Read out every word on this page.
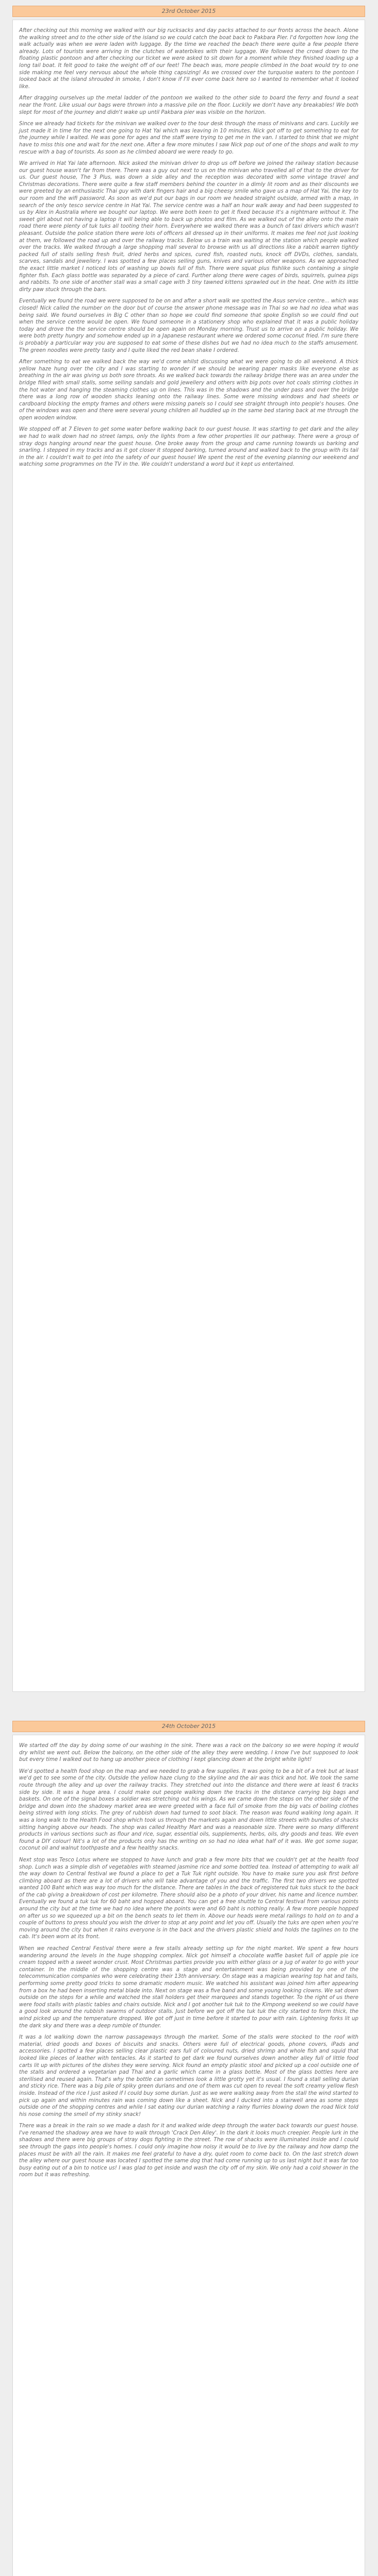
23rd October 2015

After checking out this morning we walked with our big rucksacks and day packs attached to our fronts across the beach. Alone the walking street and to the other side of the island so we could catch the boat back to Pakbara Pier. I'd forgotten how long the walk actually was when we were laden with luggage. By the time we reached the beach there were quite a few people there already. Lots of tourists were arriving in the clutches of waterbikes with their luggage. We followed the crowd down to the floating plastic pontoon and after checking our ticket we were asked to sit down for a moment while they finished loading up a long tail boat. It felt good to take the weight off of our feet! The beach was, more people climbed in the boat would try to one side making me feel very nervous about the whole thing capsizing! As we crossed over the turquoise waters to the pontoon I looked back at the island shrouded in smoke, I don't know if I'll ever come back here so I wanted to remember what it looked like.

After dragging ourselves up the metal ladder of the pontoon we walked to the other side to board the ferry and found a seat near the front. Like usual our bags were thrown into a massive pile on the floor. Luckily we don't have any breakables! We both slept for most of the journey and didn't wake up until Pakbara pier was visible on the horizon.

Since we already had tickets for the minivan we walked over to the tour desk through the mass of minivans and cars. Luckily we just made it in time for the next one going to Hat Yai which was leaving in 10 minutes. Nick got off to get something to eat for the journey while I waited. He was gone for ages and the staff were trying to get me in the van. I started to think that we might have to miss this one and wait for the next one. After a few more minutes I saw Nick pop out of one of the shops and walk to my rescue with a bag of tourists. As soon as he climbed aboard we were ready to go.

We arrived in Hat Yai late afternoon. Nick asked the minivan driver to drop us off before we joined the railway station because our guest house wasn't far from there. There was a guy out next to us on the minivan who travelled all of that to the driver for us. Our guest house, The 3 Plus, was down a side alley and the reception was decorated with some vintage travel and Christmas decorations. There were quite a few staff members behind the counter in a dimly lit room and as their discounts we were greeted by an enthusiastic Thai guy with dark fingers hair and a big cheesy smile who gave us a map of Hat Yai, the key to our room and the wifi password. As soon as we'd put our bags in our room we headed straight outside, armed with a map, in search of the only tesco service centre in Hat Yai. The service centre was a half an hour walk away and had been suggested to us by Alex in Australia where we bought our laptop. We were both keen to get it fixed because it's a nightmare without it. The sweet girl about not having a laptop it will being able to back up photos and film. As we walked out of the alley onto the main road there were plenty of tuk tuks all tooting their horn. Everywhere we walked there was a bunch of taxi drivers which wasn't pleasant. Outside the police station there were lots of officers all dressed up in their uniforms. It makes me feel not just looking at them, we followed the road up and over the railway tracks. Below us a train was waiting at the station which people walked over the tracks. We walked through a large shopping mall several to browse with us all directions like a rabbit warren tightly packed full of stalls selling fresh fruit, dried herbs and spices, cured fish, roasted nuts, knock off DVDs, clothes, sandals, scarves, sandals and jewellery. I was spotted a few places selling guns, knives and various other weapons. As we approached the exact little market I noticed lots of washing up bowls full of fish. There were squat plus fishlike such containing a single fighter fish. Each glass bottle was separated by a piece of card. Further along there were cages of birds, squirrels, guinea pigs and rabbits. To one side of another stall was a small cage with 3 tiny tawned kittens sprawled out in the heat. One with its little dirty paw stuck through the bars.

Eventually we found the road we were supposed to be on and after a short walk we spotted the Asus service centre... which was closed! Nick called the number on the door but of course the answer phone message was in Thai so we had no idea what was being said. We found ourselves in Big C other than so hope we could find someone that spoke English so we could find out when the service centre would be open. We found someone in a stationery shop who explained that it was a public holiday today and drove the the service centre should be open again on Monday morning. Trust us to arrive on a public holiday. We were both pretty hungry and somehow ended up in a Japanese restaurant where we ordered some coconut fried. I'm sure there is probably a particular way you are supposed to eat some of these dishes but we had no idea much to the staffs amusement. The green noodles were pretty tasty and I quite liked the red bean shake I ordered.

After something to eat we walked back the way we'd come whilst discussing what we were going to do all weekend. A thick yellow haze hung over the city and I was starting to wonder if we should be wearing paper masks like everyone else as breathing in the air was giving us both sore throats. As we walked back towards the railway bridge there was an area under the bridge filled with small stalls, some selling sandals and gold jewellery and others with big pots over hot coals stirring clothes in the hot water and hanging the steaming clothes up on lines. This was in the shadows and the under pass and over the bridge there was a long row of wooden shacks leaning onto the railway lines. Some were missing windows and had sheets or cardboard blocking the empty frames and others were missing panels so I could see straight through into people's houses. One of the windows was open and there were several young children all huddled up in the same bed staring back at me through the open wooden window.

We stopped off at 7 Eleven to get some water before walking back to our guest house. It was starting to get dark and the alley we had to walk down had no street lamps, only the lights from a few other properties lit our pathway. There were a group of stray dogs hanging around near the guest house. One broke away from the group and came running towards us barking and snarling. I stepped in my tracks and as it got closer it stopped barking, turned around and walked back to the group with its tail in the air. I couldn't wait to get into the safety of our guest house! We spent the rest of the evening planning our weekend and watching some programmes on the TV in the. We couldn't understand a word but it kept us entertained.

24th October 2015

We started off the day by doing some of our washing in the sink. There was a rack on the balcony so we were hoping it would dry whilst we went out. Below the balcony, on the other side of the alley they were wedding. I know I've but supposed to look but every time I walked out to hang up another piece of clothing I kept glancing down at the bright white light!

We'd spotted a health food shop on the map and we needed to grab a few supplies. It was going to be a bit of a trek but at least we'd get to see some of the city. Outside the yellow haze clung to the skyline and the air was thick and hot. We took the same route through the alley and up over the railway tracks. They stretched out into the distance and there were at least 6 tracks side by side. It was a huge area. I could make out people walking down the tracks in the distance carrying big bags and baskets. On one of the signal boxes a soldier was stretching out his wings. As we came down the steps on the other side of the bridge and down into the shadowy market area we were greeted with a face full of smoke from the big vats of boiling clothes being stirred with long sticks. The grey of rubbish down had turned to soot black. The reason was found walking long again. It was a long walk to the Health Food shop which took us through the markets again and down little streets with bundles of shacks sitting hanging above our heads. The shop was called Healthy Mart and was a reasonable size. There were so many different products in various sections such as flour and rice, sugar, essential oils, supplements, herbs, oils, dry goods and teas. We even found a DIY colour! Nit's a lot of the products only has the writing on so had no idea what half of it was. We got some sugar, coconut oil and walnut toothpaste and a few healthy snacks.

Next stop was Tesco Lotus where we stopped to have lunch and grab a few more bits that we couldn't get at the health food shop. Lunch was a simple dish of vegetables with steamed jasmine rice and some bottled tea. Instead of attempting to walk all the way down to Central festival we found a place to get a Tuk Tuk right outside. You have to make sure you ask first before climbing aboard as there are a lot of drivers who will take advantage of you and the traffic. The first two drivers we spotted wanted 100 Baht which was way too much for the distance. There are tables in the back of registered tuk tuks stuck to the back of the cab giving a breakdown of cost per kilometre. There should also be a photo of your driver, his name and licence number. Eventually we found a tuk tuk for 60 baht and hopped aboard. You can get a free shuttle to Central festival from various points around the city but at the time we had no idea where the points were and 60 baht is nothing really. A few more people hopped on after us so we squeezed up a bit on the bench seats to let them in. Above our heads were metal railings to hold on to and a couple of buttons to press should you wish the driver to stop at any point and let you off. Usually the tuks are open when you're moving around the city but when it rains everyone is in the back and the drivers plastic shield and holds the taglines on to the cab. It's been worn at its front.

When we reached Central Festival there were a few stalls already setting up for the night market. We spent a few hours wandering around the levels in the huge shopping complex. Nick got himself a chocolate waffle basket full of apple pie ice cream topped with a sweet wonder crust. Most Christmas parties provide you with either glass or a jug of water to go with your container. In the middle of the shopping centre was a stage and entertainment was being provided by one of the telecommunication companies who were celebrating their 13th anniversary. On stage was a magician wearing top hat and tails, performing some pretty good tricks to some dramatic modern music. We watched his assistant was joined him after appearing from a box he had been inserting metal blade into. Next on stage was a five band and some young looking clowns. We sat down outside on the steps for a while and watched the stall holders get their marquees and stands together. To the right of us there were food stalls with plastic tables and chairs outside. Nick and I got another tuk tuk to the Kimpong weekend so we could have a good look around the rubbish swarms of outdoor stalls. Just before we got off the tuk tuk the city started to form thick, the wind picked up and the temperature dropped. We got off just in time before it started to pour with rain. Lightening forks lit up the dark sky and there was a deep rumble of thunder.

It was a lot walking down the narrow passageways through the market. Some of the stalls were stocked to the roof with material, dried goods and boxes of biscuits and snacks. Others were full of electrical goods, phone covers, iPads and accessories. I spotted a few places selling clear plastic ears full of coloured nuts, dried shrimp and whole fish and squid that looked like pieces of leather with tentacles. As it started to get dark we found ourselves down another alley full of little food carts lit up with pictures of the dishes they were serving. Nick found an empty plastic stool and picked up a cool outside one of the stalls and ordered a vegetarian pad Thai and a garlic which came in a glass bottle. Most of the glass bottles here are sterilised and reused again. That's why the bottle can sometimes look a little grotty yet it's usual. I found a stall selling durian and sticky rice. There was a big pile of spiky green durians and one of them was cut open to reveal the soft creamy yellow flesh inside. Instead of the rice I just asked if I could buy some durian. Just as we were walking away from the stall the wind started to pick up again and within minutes rain was coming down like a sheet. Nick and I ducked into a stairwell area as some steps outside one of the shopping centres and while I sat eating our durian watching a rainy flurries blowing down the road Nick told his nose coming the smell of my stinky snack!

There was a break in the rain so we made a dash for it and walked wide deep through the water back towards our guest house. I've renamed the shadowy area we have to walk through 'Crack Den Alley'. In the dark it looks much creepier. People lurk in the shadows and there were big groups of stray dogs fighting in the street. The row of shacks were illuminated inside and I could see through the gaps into people's homes. I could only imagine how noisy it would be to live by the railway and how damp the places must be with all the rain. It makes me feel grateful to have a dry, quiet room to come back to. On the last stretch down the alley where our guest house was located I spotted the same dog that had come running up to us last night but it was far too busy eating out of a bin to notice us! I was glad to get inside and wash the city off of my skin. We only had a cold shower in the room but it was refreshing.
